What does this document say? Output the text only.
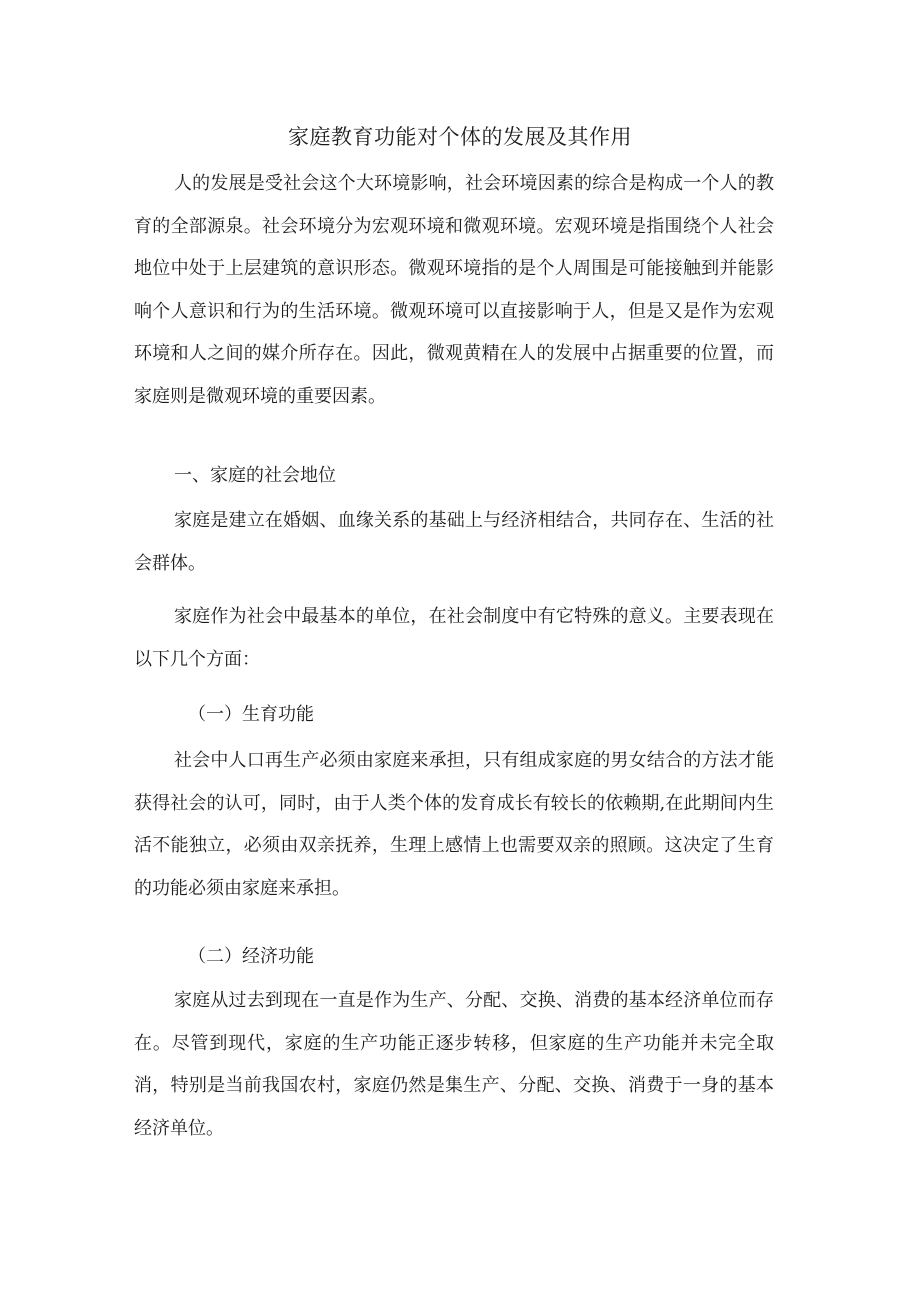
家庭教育功能对个体的发展及其作用

人的发展是受社会这个大环境影响，社会环境因素的综合是构成一个人的教育的全部源泉。社会环境分为宏观环境和微观环境。宏观环境是指围绕个人社会地位中处于上层建筑的意识形态。微观环境指的是个人周围是可能接触到并能影响个人意识和行为的生活环境。微观环境可以直接影响于人，但是又是作为宏观环境和人之间的媒介所存在。因此，微观黄精在人的发展中占据重要的位置，而家庭则是微观环境的重要因素。

一、家庭的社会地位

家庭是建立在婚姻、血缘关系的基础上与经济相结合，共同存在、生活的社会群体。

家庭作为社会中最基本的单位，在社会制度中有它特殊的意义。主要表现在以下几个方面：

（一）生育功能

社会中人口再生产必须由家庭来承担，只有组成家庭的男女结合的方法才能获得社会的认可，同时，由于人类个体的发育成长有较长的依赖期,在此期间内生活不能独立，必须由双亲抚养，生理上感情上也需要双亲的照顾。这决定了生育的功能必须由家庭来承担。

（二）经济功能

家庭从过去到现在一直是作为生产、分配、交换、消费的基本经济单位而存在。尽管到现代，家庭的生产功能正逐步转移，但家庭的生产功能并未完全取消，特别是当前我国农村，家庭仍然是集生产、分配、交换、消费于一身的基本经济单位。
